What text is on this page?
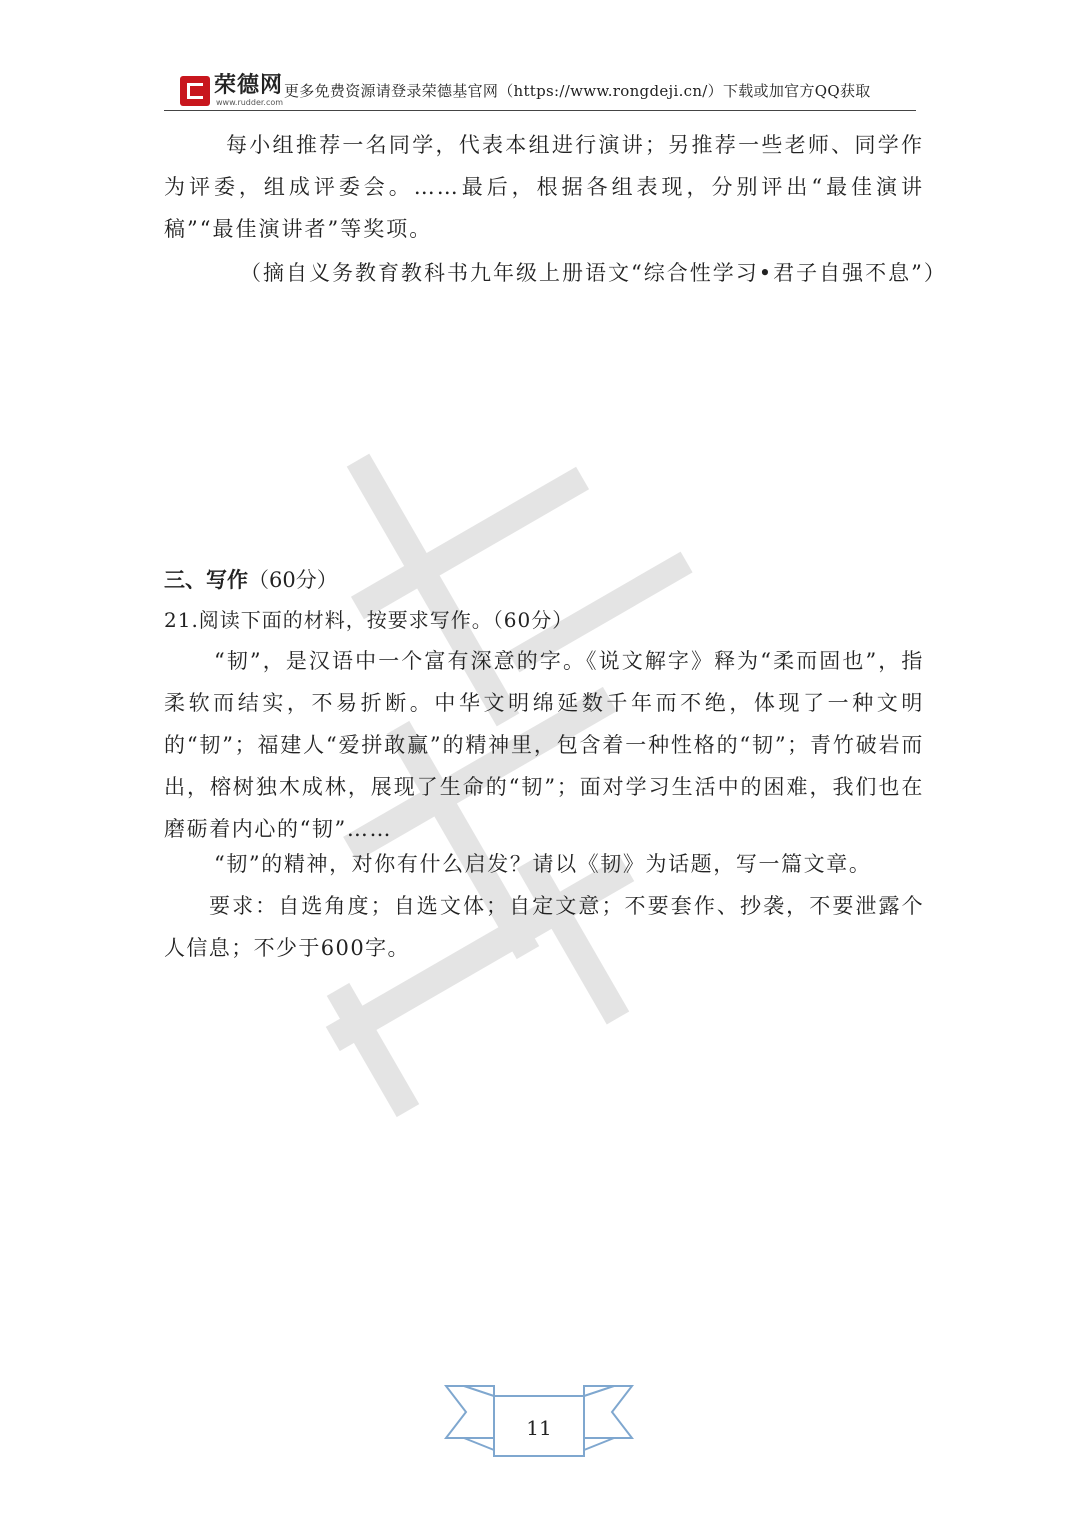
荣德网
www.rudder.com
更多免费资源请登录荣德基官网（https://www.rongdeji.cn/）下载或加官方QQ获取
每小组推荐一名同学，代表本组进行演讲；另推荐一些老师、同学作为评委，组成评委会。……最后，根据各组表现，分别评出“最佳演讲稿”“最佳演讲者”等奖项。
（摘自义务教育教科书九年级上册语文“综合性学习•君子自强不息”）
三、写作（60分）
21.阅读下面的材料，按要求写作。（60分）
“韧”，是汉语中一个富有深意的字。《说文解字》释为“柔而固也”，指柔软而结实，不易折断。中华文明绵延数千年而不绝，体现了一种文明的“韧”；福建人“爱拼敢赢”的精神里，包含着一种性格的“韧”；青竹破岩而出，榕树独木成林，展现了生命的“韧”；面对学习生活中的困难，我们也在磨砺着内心的“韧”……
“韧”的精神，对你有什么启发？请以《韧》为话题，写一篇文章。
要求：自选角度；自选文体；自定文意；不要套作、抄袭，不要泄露个人信息；不少于600字。
11
